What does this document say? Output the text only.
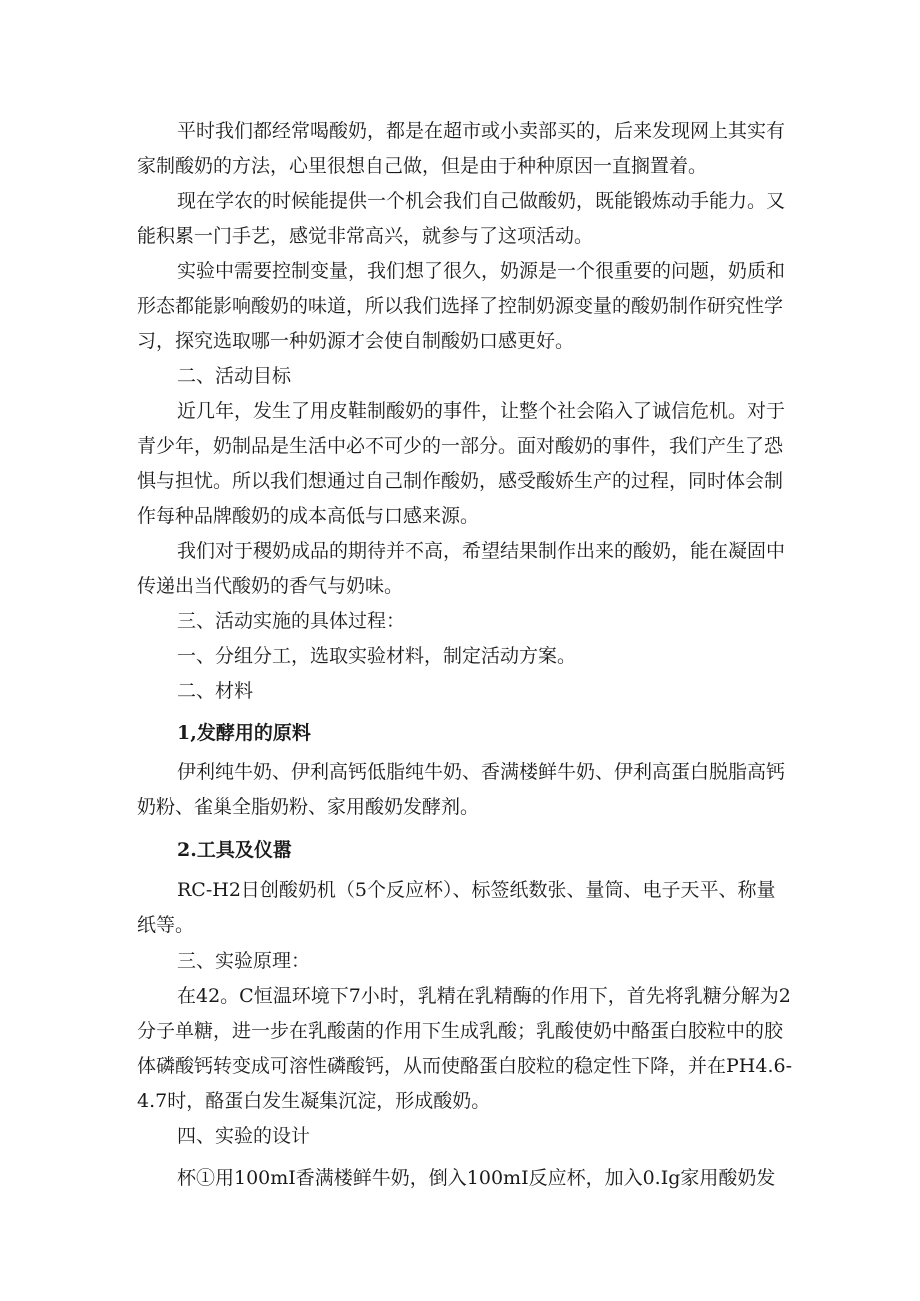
平时我们都经常喝酸奶，都是在超市或小卖部买的，后来发现网上其实有家制酸奶的方法，心里很想自己做，但是由于种种原因一直搁置着。

现在学农的时候能提供一个机会我们自己做酸奶，既能锻炼动手能力。又能积累一门手艺，感觉非常高兴，就参与了这项活动。

实验中需要控制变量，我们想了很久，奶源是一个很重要的问题，奶质和形态都能影响酸奶的味道，所以我们选择了控制奶源变量的酸奶制作研究性学习，探究选取哪一种奶源才会使自制酸奶口感更好。

二、活动目标

近几年，发生了用皮鞋制酸奶的事件，让整个社会陷入了诚信危机。对于青少年，奶制品是生活中必不可少的一部分。面对酸奶的事件，我们产生了恐惧与担忧。所以我们想通过自己制作酸奶，感受酸娇生产的过程，同时体会制作每种品牌酸奶的成本高低与口感来源。

我们对于稷奶成品的期待并不高，希望结果制作出来的酸奶，能在凝固中传递出当代酸奶的香气与奶味。

三、活动实施的具体过程：

一、分组分工，选取实验材料，制定活动方案。

二、材料

1,发酵用的原料

伊利纯牛奶、伊利高钙低脂纯牛奶、香满楼鲜牛奶、伊利高蛋白脱脂高钙奶粉、雀巢全脂奶粉、家用酸奶发酵剂。

2.工具及仪嚣

RC-H2日创酸奶机（5个反应杯）、标签纸数张、量筒、电子天平、称量纸等。

三、实验原理：

在42。C恒温环境下7小时，乳精在乳精酶的作用下，首先将乳糖分解为2分子单糖，进一步在乳酸菌的作用下生成乳酸；乳酸使奶中酪蛋白胶粒中的胶体磷酸钙转变成可溶性磷酸钙，从而使酪蛋白胶粒的稳定性下降，并在PH4.6-4.7时，酪蛋白发生凝集沉淀，形成酸奶。

四、实验的设计

杯①用100mI香满楼鲜牛奶，倒入100mI反应杯，加入0.Ig家用酸奶发
